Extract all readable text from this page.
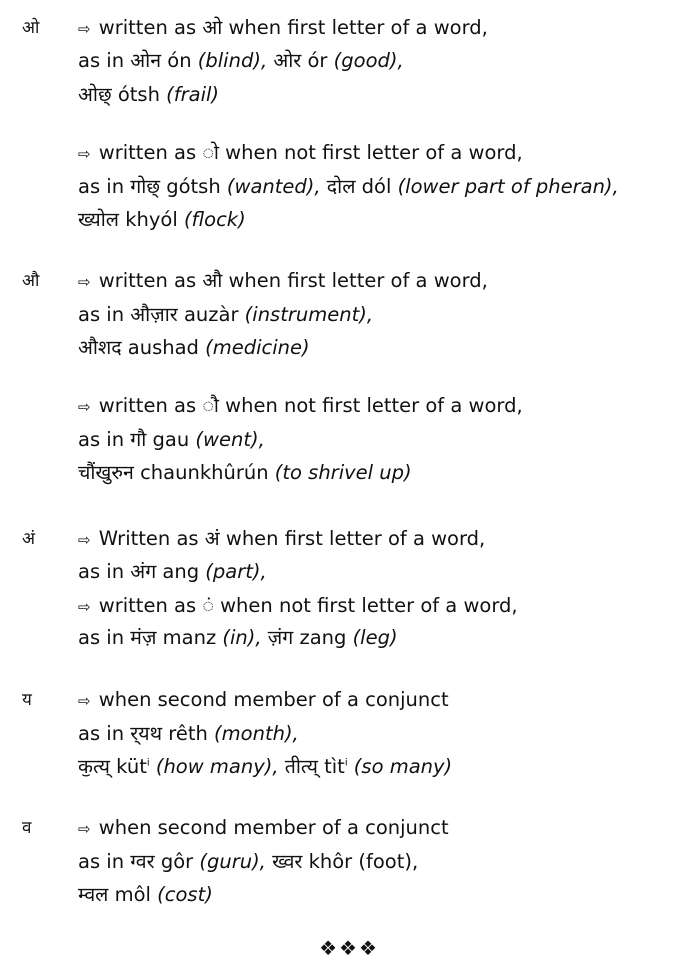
ओ	⇨ written as ओ when first letter of a word,
as in ओन ón (blind), ओर ór (good),
ओछ् ótsh (frail)
⇨ written as ो when not first letter of a word,
as in गोछ् gótsh (wanted), दोल dól (lower part of pheran),
ख्योल khyól (flock)
औ	⇨ written as औ when first letter of a word,
as in औज़ार auzàr (instrument),
औशद aushad (medicine)
⇨ written as ौ when not first letter of a word,
as in गौ gau (went),
चौंखुरुन chaunkhûrún (to shrivel up)
अं	⇨ Written as अं when first letter of a word,
as in अंग ang (part),
⇨ written as ं when not first letter of a word,
as in मंज़ manz (in), ज़ंग zang (leg)
य	⇨ when second member of a conjunct
as in र्‌यथ rêth (month),
कॖत्य् küt$^i$ (how many), तीत्य् tìt$^i$ (so many)
व	⇨ when second member of a conjunct
as in ग्वर gôr (guru), ख्वर khôr (foot),
म्वल môl (cost)
❖❖❖
